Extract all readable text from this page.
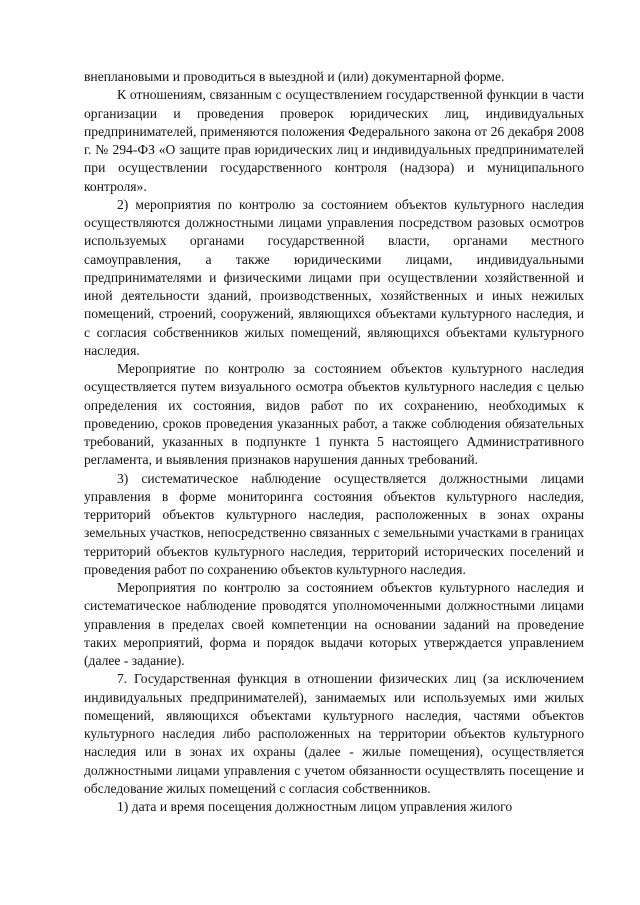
внеплановыми и проводиться в выездной и (или) документарной форме.

К отношениям, связанным с осуществлением государственной функции в части организации и проведения проверок юридических лиц, индивидуальных предпринимателей, применяются положения Федерального закона от 26 декабря 2008 г. № 294-ФЗ «О защите прав юридических лиц и индивидуальных предпринимателей при осуществлении государственного контроля (надзора) и муниципального контроля».

2) мероприятия по контролю за состоянием объектов культурного наследия осуществляются должностными лицами управления посредством разовых осмотров используемых органами государственной власти, органами местного самоуправления, а также юридическими лицами, индивидуальными предпринимателями и физическими лицами при осуществлении хозяйственной и иной деятельности зданий, производственных, хозяйственных и иных нежилых помещений, строений, сооружений, являющихся объектами культурного наследия, и с согласия собственников жилых помещений, являющихся объектами культурного наследия.

Мероприятие по контролю за состоянием объектов культурного наследия осуществляется путем визуального осмотра объектов культурного наследия с целью определения их состояния, видов работ по их сохранению, необходимых к проведению, сроков проведения указанных работ, а также соблюдения обязательных требований, указанных в подпункте 1 пункта 5 настоящего Административного регламента, и выявления признаков нарушения данных требований.

3) систематическое наблюдение осуществляется должностными лицами управления в форме мониторинга состояния объектов культурного наследия, территорий объектов культурного наследия, расположенных в зонах охраны земельных участков, непосредственно связанных с земельными участками в границах территорий объектов культурного наследия, территорий исторических поселений и проведения работ по сохранению объектов культурного наследия.

Мероприятия по контролю за состоянием объектов культурного наследия и систематическое наблюдение проводятся уполномоченными должностными лицами управления в пределах своей компетенции на основании заданий на проведение таких мероприятий, форма и порядок выдачи которых утверждается управлением (далее - задание).

7. Государственная функция в отношении физических лиц (за исключением индивидуальных предпринимателей), занимаемых или используемых ими жилых помещений, являющихся объектами культурного наследия, частями объектов культурного наследия либо расположенных на территории объектов культурного наследия или в зонах их охраны (далее - жилые помещения), осуществляется должностными лицами управления с учетом обязанности осуществлять посещение и обследование жилых помещений с согласия собственников.

1) дата и время посещения должностным лицом управления жилого
